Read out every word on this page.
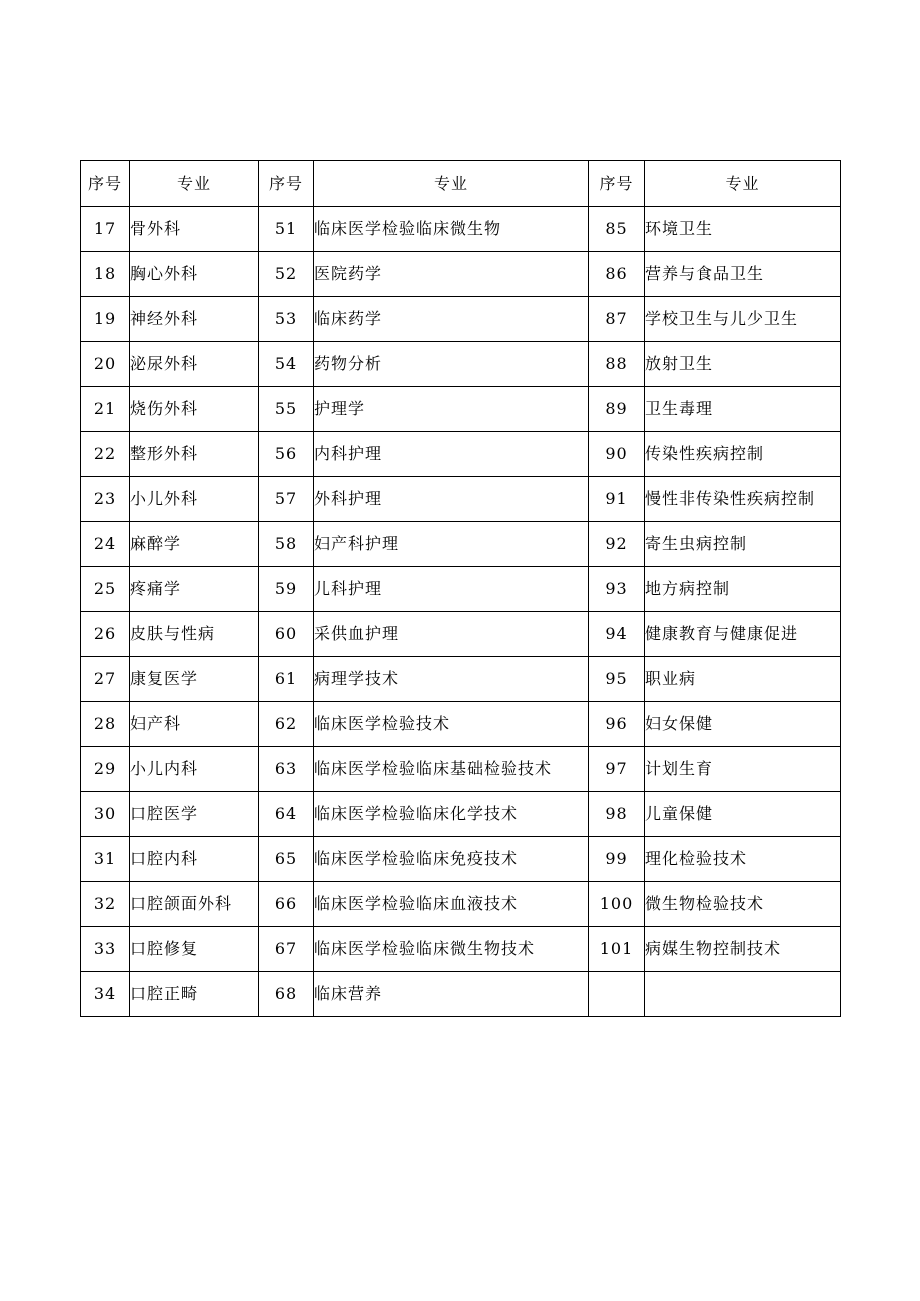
序号	专业	序号	专业	序号	专业
17	骨外科	51	临床医学检验临床微生物	85	环境卫生
18	胸心外科	52	医院药学	86	营养与食品卫生
19	神经外科	53	临床药学	87	学校卫生与儿少卫生
20	泌尿外科	54	药物分析	88	放射卫生
21	烧伤外科	55	护理学	89	卫生毒理
22	整形外科	56	内科护理	90	传染性疾病控制
23	小儿外科	57	外科护理	91	慢性非传染性疾病控制
24	麻醉学	58	妇产科护理	92	寄生虫病控制
25	疼痛学	59	儿科护理	93	地方病控制
26	皮肤与性病	60	采供血护理	94	健康教育与健康促进
27	康复医学	61	病理学技术	95	职业病
28	妇产科	62	临床医学检验技术	96	妇女保健
29	小儿内科	63	临床医学检验临床基础检验技术	97	计划生育
30	口腔医学	64	临床医学检验临床化学技术	98	儿童保健
31	口腔内科	65	临床医学检验临床免疫技术	99	理化检验技术
32	口腔颌面外科	66	临床医学检验临床血液技术	100	微生物检验技术
33	口腔修复	67	临床医学检验临床微生物技术	101	病媒生物控制技术
34	口腔正畸	68	临床营养		
